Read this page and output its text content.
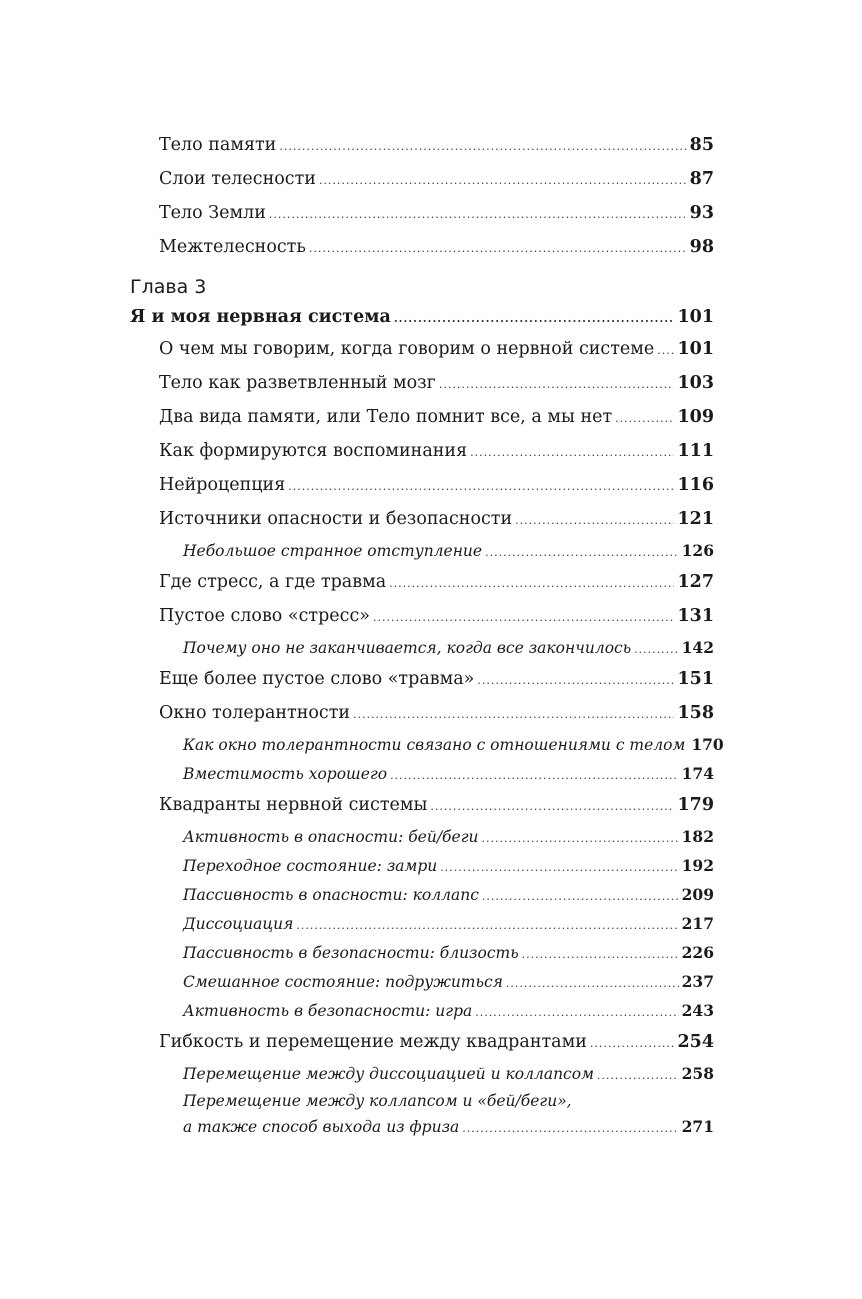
Тело памяти .....	85
Слои телесности .....	87
Тело Земли .....	93
Межтелесность .....	98
Глава 3
Я и моя нервная система .....	101
О чем мы говорим, когда говорим о нервной системе ..... 101
Тело как разветвленный мозг .....	103
Два вида памяти, или Тело помнит все, а мы нет .....	109
Как формируются воспоминания .....	111
Нейроцепция .....	116
Источники опасности и безопасности .....	121
Небольшое странное отступление .....	126
Где стресс, а где травма .....	127
Пустое слово «стресс» .....	131
Почему оно не заканчивается, когда все закончилось .....	142
Еще более пустое слово «травма» .....	151
Окно толерантности .....	158
Как окно толерантности связано с отношениями с телом 170
Вместимость хорошего .....	174
Квадранты нервной системы .....	179
Активность в опасности: бей/беги .....	182
Переходное состояние: замри .....	192
Пассивность в опасности: коллапс .....	209
Диссоциация .....	217
Пассивность в безопасности: близость .....	226
Смешанное состояние: подружиться .....	237
Активность в безопасности: игра .....	243
Гибкость и перемещение между квадрантами .....	254
Перемещение между диссоциацией и коллапсом .....	258
Перемещение между коллапсом и «бей/беги»,
а также способ выхода из фриза .....	271
